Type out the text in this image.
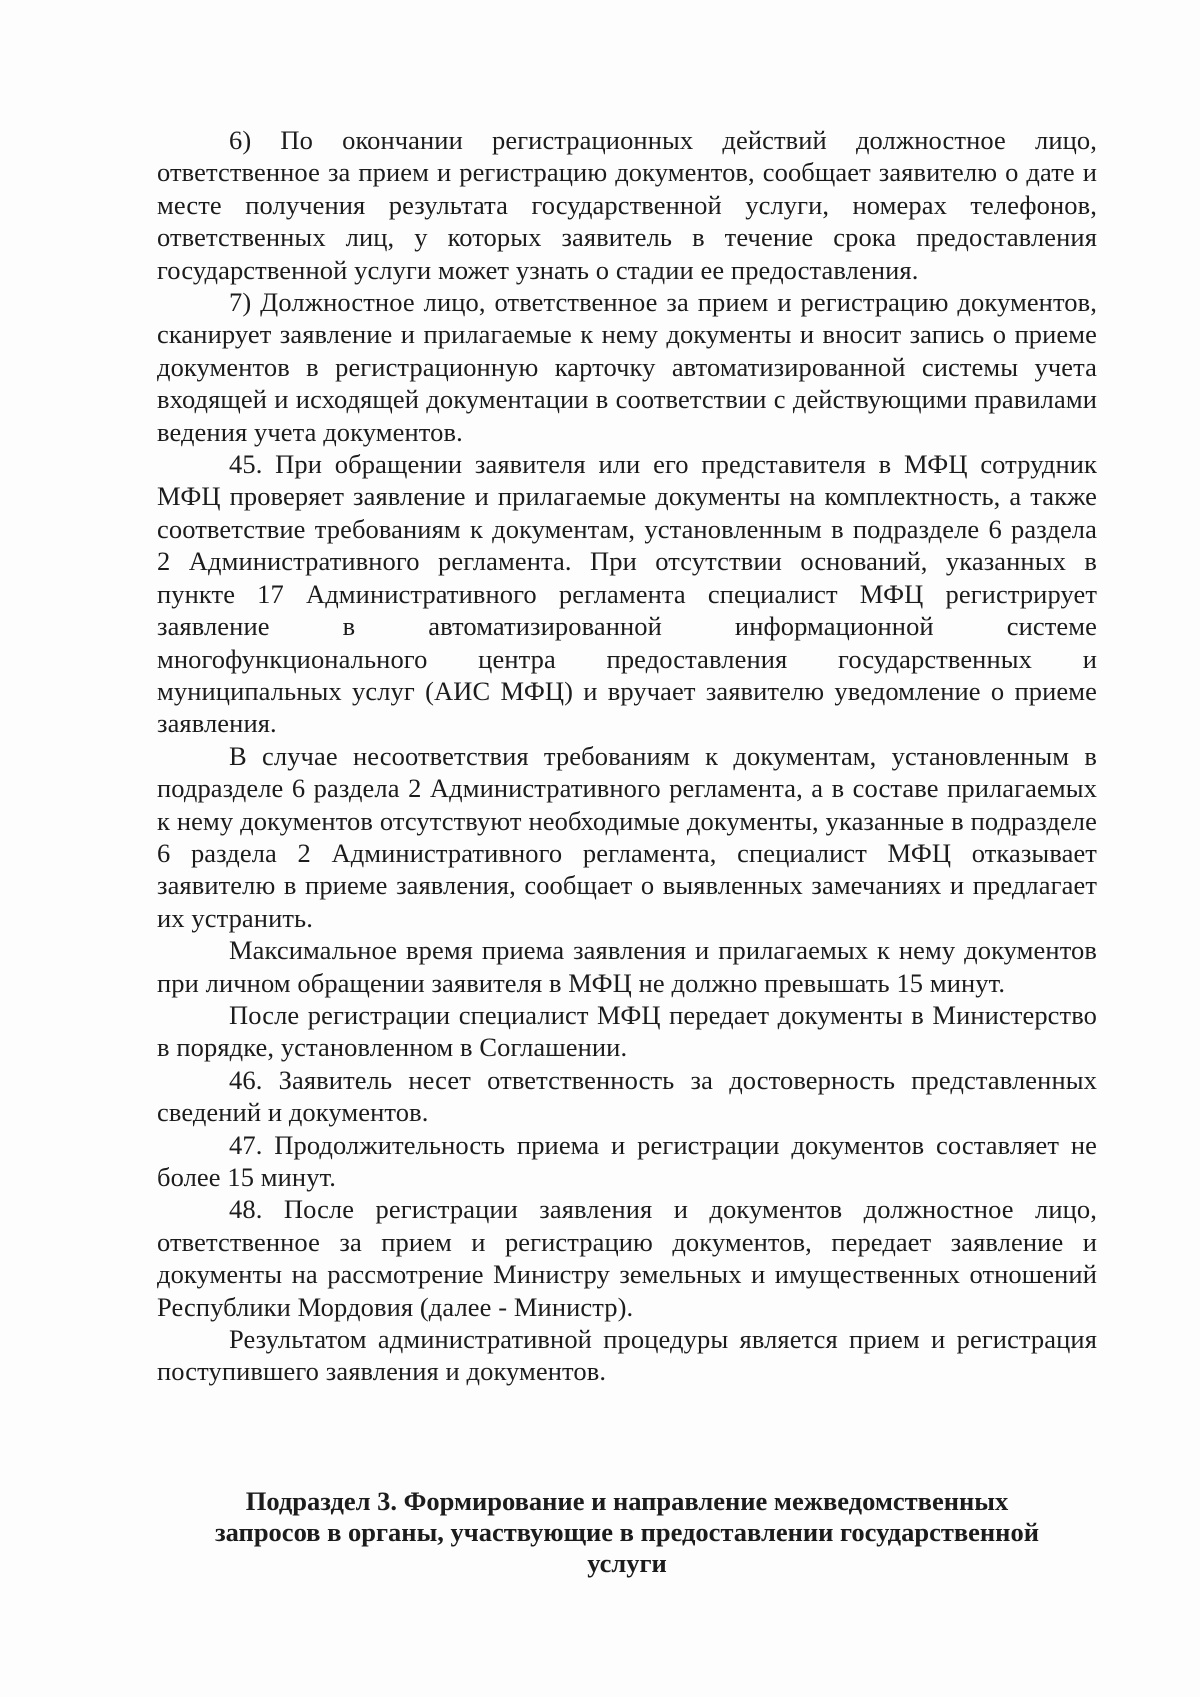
6) По окончании регистрационных действий должностное лицо, ответственное за прием и регистрацию документов, сообщает заявителю о дате и месте получения результата государственной услуги, номерах телефонов, ответственных лиц, у которых заявитель в течение срока предоставления государственной услуги может узнать о стадии ее предоставления.

7) Должностное лицо, ответственное за прием и регистрацию документов, сканирует заявление и прилагаемые к нему документы и вносит запись о приеме документов в регистрационную карточку автоматизированной системы учета входящей и исходящей документации в соответствии с действующими правилами ведения учета документов.

45. При обращении заявителя или его представителя в МФЦ сотрудник МФЦ проверяет заявление и прилагаемые документы на комплектность, а также соответствие требованиям к документам, установленным в подразделе 6 раздела 2 Административного регламента. При отсутствии оснований, указанных в пункте 17 Административного регламента специалист МФЦ регистрирует заявление в автоматизированной информационной системе многофункционального центра предоставления государственных и муниципальных услуг (АИС МФЦ) и вручает заявителю уведомление о приеме заявления.

В случае несоответствия требованиям к документам, установленным в подразделе 6 раздела 2 Административного регламента, а в составе прилагаемых к нему документов отсутствуют необходимые документы, указанные в подразделе 6 раздела 2 Административного регламента, специалист МФЦ отказывает заявителю в приеме заявления, сообщает о выявленных замечаниях и предлагает их устранить.

Максимальное время приема заявления и прилагаемых к нему документов при личном обращении заявителя в МФЦ не должно превышать 15 минут.

После регистрации специалист МФЦ передает документы в Министерство в порядке, установленном в Соглашении.

46. Заявитель несет ответственность за достоверность представленных сведений и документов.

47. Продолжительность приема и регистрации документов составляет не более 15 минут.

48. После регистрации заявления и документов должностное лицо, ответственное за прием и регистрацию документов, передает заявление и документы на рассмотрение Министру земельных и имущественных отношений Республики Мордовия (далее - Министр).

Результатом административной процедуры является прием и регистрация поступившего заявления и документов.

Подраздел 3. Формирование и направление межведомственных
запросов в органы, участвующие в предоставлении государственной
услуги
